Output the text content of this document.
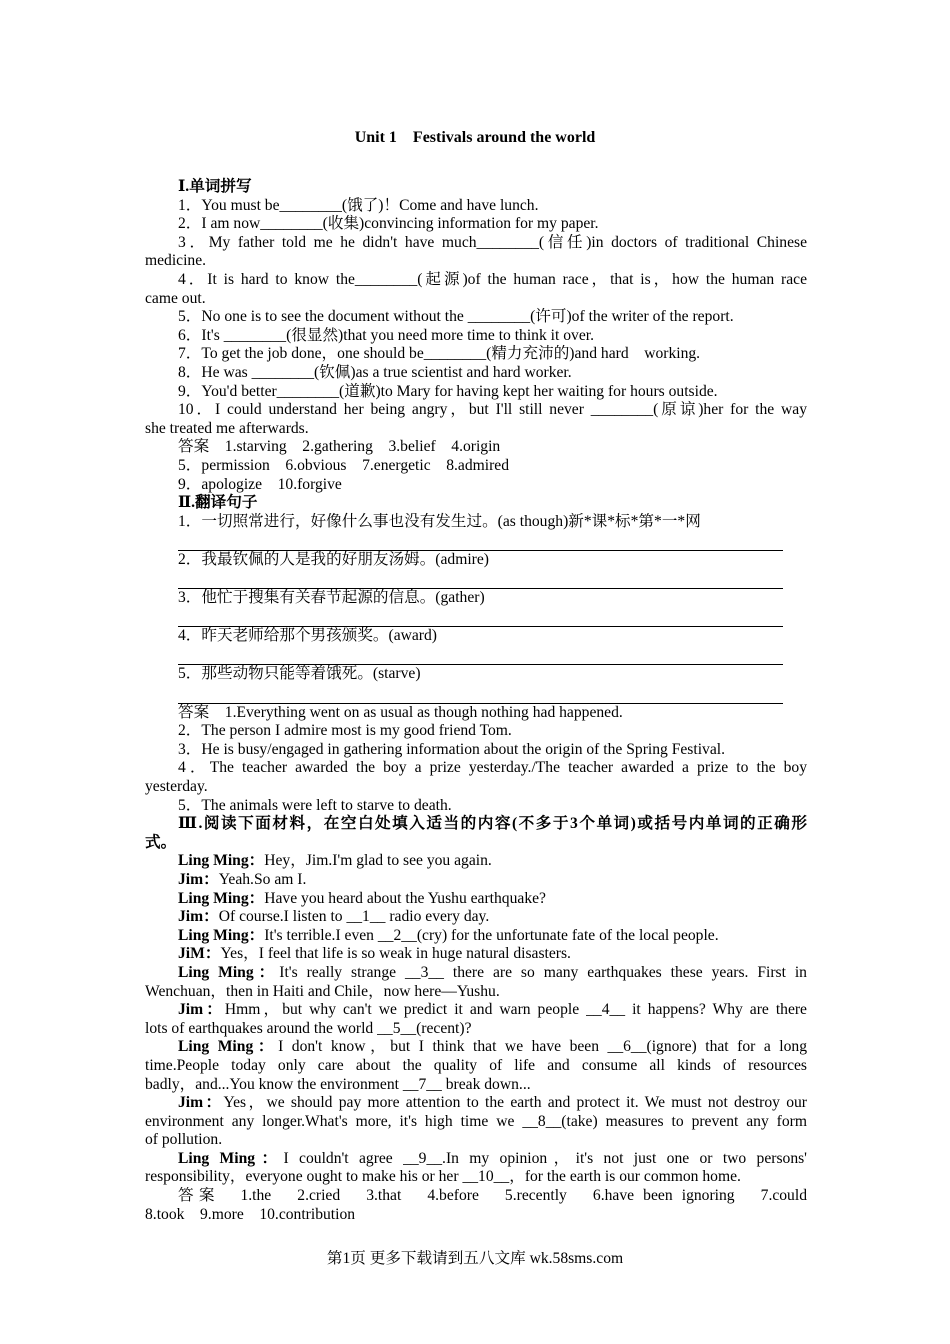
Unit 1　Festivals around the world
Ⅰ.单词拼写
1．You must be________(饿了)！Come and have lunch.
2．I am now________(收集)convincing information for my paper.
3．My father told me he didn't have much________(信任)in doctors of traditional Chinese
medicine.
4．It is hard to know the________(起源)of the human race，that is，how the human race
came out.
5．No one is to see the document without the ________(许可)of the writer of the report.
6．It's ________(很显然)that you need more time to think it over.
7．To get the job done，one should be________(精力充沛的)and hard　working.
8．He was ________(钦佩)as a true scientist and hard worker.
9．You'd better________(道歉)to Mary for having kept her waiting for hours outside.
10．I could understand her being angry，but I'll still never ________(原谅)her for the way
she treated me afterwards.
答案　1.starving　2.gathering　3.belief　4.origin
5．permission　6.obvious　7.energetic　8.admired
9．apologize　10.forgive
Ⅱ.翻译句子
1．一切照常进行，好像什么事也没有发生过。(as though)新*课*标*第*一*网
2．我最钦佩的人是我的好朋友汤姆。(admire)
3．他忙于搜集有关春节起源的信息。(gather)
4．昨天老师给那个男孩颁奖。(award)
5．那些动物只能等着饿死。(starve)
答案　1.Everything went on as usual as though nothing had happened.
2．The person I admire most is my good friend Tom.
3．He is busy/engaged in gathering information about the origin of the Spring Festival.
4．The teacher awarded the boy a prize yesterday./The teacher awarded a prize to the boy
yesterday.
5．The animals were left to starve to death.
Ⅲ.阅读下面材料，在空白处填入适当的内容(不多于3个单词)或括号内单词的正确形
式。
Ling Ming：Hey，Jim.I'm glad to see you again.
Jim：Yeah.So am I.
Ling Ming：Have you heard about the Yushu earthquake?
Jim：Of course.I listen to __1__ radio every day.
Ling Ming：It's terrible.I even __2__(cry) for the unfortunate fate of the local people.
JiM：Yes，I feel that life is so weak in huge natural disasters.
Ling Ming：It's really strange __3__ there are so many earthquakes these years. First in
Wenchuan，then in Haiti and Chile，now here—Yushu.
Jim：Hmm，but why can't we predict it and warn people __4__ it happens? Why are there
lots of earthquakes around the world __5__(recent)?
Ling Ming：I don't know，but I think that we have been __6__(ignore) that for a long
time.People today only care about the quality of life and consume all kinds of resources
badly，and...You know the environment __7__ break down...
Jim：Yes，we should pay more attention to the earth and protect it. We must not destroy our
environment any longer.What's more, it's high time we __8__(take) measures to prevent any form
of pollution.
Ling Ming：I couldn't agree __9__.In my opinion，it's not just one or two persons'
responsibility，everyone ought to make his or her __10__，for the earth is our common home.
答案　1.the　2.cried　3.that　4.before　5.recently　6.have been ignoring　7.could
8.took　9.more　10.contribution
第1页 更多下载请到五八文库 wk.58sms.com
